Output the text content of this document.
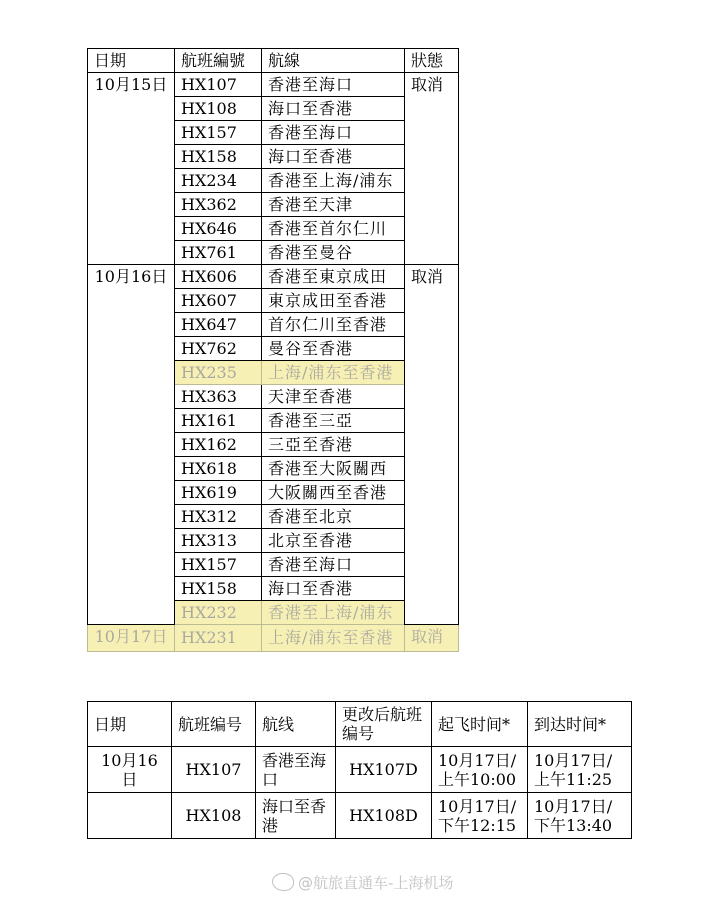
日期	航班編號	航線	狀態
10月15日	HX107	香港至海口	取消
	HX108	海口至香港	
	HX157	香港至海口	
	HX158	海口至香港	
	HX234	香港至上海/浦东	
	HX362	香港至天津	
	HX646	香港至首尔仁川	
	HX761	香港至曼谷	
10月16日	HX606	香港至東京成田	取消
	HX607	東京成田至香港	
	HX647	首尔仁川至香港	
	HX762	曼谷至香港	
	HX235	上海/浦东至香港	
	HX363	天津至香港	
	HX161	香港至三亞	
	HX162	三亞至香港	
	HX618	香港至大阪關西	
	HX619	大阪關西至香港	
	HX312	香港至北京	
	HX313	北京至香港	
	HX157	香港至海口	
	HX158	海口至香港	
	HX232	香港至上海/浦东	
10月17日	HX231	上海/浦东至香港	取消
日期	航班编号	航线	更改后航班编号	起飞时间*	到达时间*
10月16日	HX107	香港至海口	HX107D	10月17日/上午10:00	10月17日/上午11:25
	HX108	海口至香港	HX108D	10月17日/下午12:15	10月17日/下午13:40
@航旅直通车-上海机场
